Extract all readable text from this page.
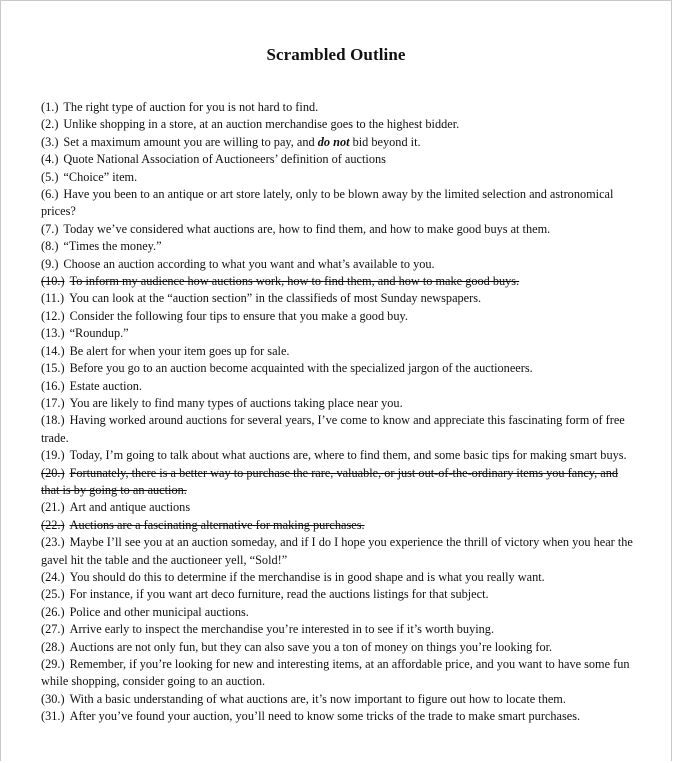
Scrambled Outline
(1.) The right type of auction for you is not hard to find.
(2.) Unlike shopping in a store, at an auction merchandise goes to the highest bidder.
(3.) Set a maximum amount you are willing to pay, and do not bid beyond it.
(4.) Quote National Association of Auctioneers’ definition of auctions
(5.) “Choice” item.
(6.) Have you been to an antique or art store lately, only to be blown away by the limited selection and astronomical prices?
(7.) Today we’ve considered what auctions are, how to find them, and how to make good buys at them.
(8.) “Times the money.”
(9.) Choose an auction according to what you want and what’s available to you.
(10.) To inform my audience how auctions work, how to find them, and how to make good buys.
(11.) You can look at the “auction section” in the classifieds of most Sunday newspapers.
(12.) Consider the following four tips to ensure that you make a good buy.
(13.) “Roundup.”
(14.) Be alert for when your item goes up for sale.
(15.) Before you go to an auction become acquainted with the specialized jargon of the auctioneers.
(16.) Estate auction.
(17.) You are likely to find many types of auctions taking place near you.
(18.) Having worked around auctions for several years, I’ve come to know and appreciate this fascinating form of free trade.
(19.) Today, I’m going to talk about what auctions are, where to find them, and some basic tips for making smart buys.
(20.) Fortunately, there is a better way to purchase the rare, valuable, or just out-of-the-ordinary items you fancy, and that is by going to an auction.
(21.) Art and antique auctions
(22.) Auctions are a fascinating alternative for making purchases.
(23.) Maybe I’ll see you at an auction someday, and if I do I hope you experience the thrill of victory when you hear the gavel hit the table and the auctioneer yell, “Sold!”
(24.) You should do this to determine if the merchandise is in good shape and is what you really want.
(25.) For instance, if you want art deco furniture, read the auctions listings for that subject.
(26.) Police and other municipal auctions.
(27.) Arrive early to inspect the merchandise you’re interested in to see if it’s worth buying.
(28.) Auctions are not only fun, but they can also save you a ton of money on things you’re looking for.
(29.) Remember, if you’re looking for new and interesting items, at an affordable price, and you want to have some fun while shopping, consider going to an auction.
(30.) With a basic understanding of what auctions are, it’s now important to figure out how to locate them.
(31.) After you’ve found your auction, you’ll need to know some tricks of the trade to make smart purchases.
